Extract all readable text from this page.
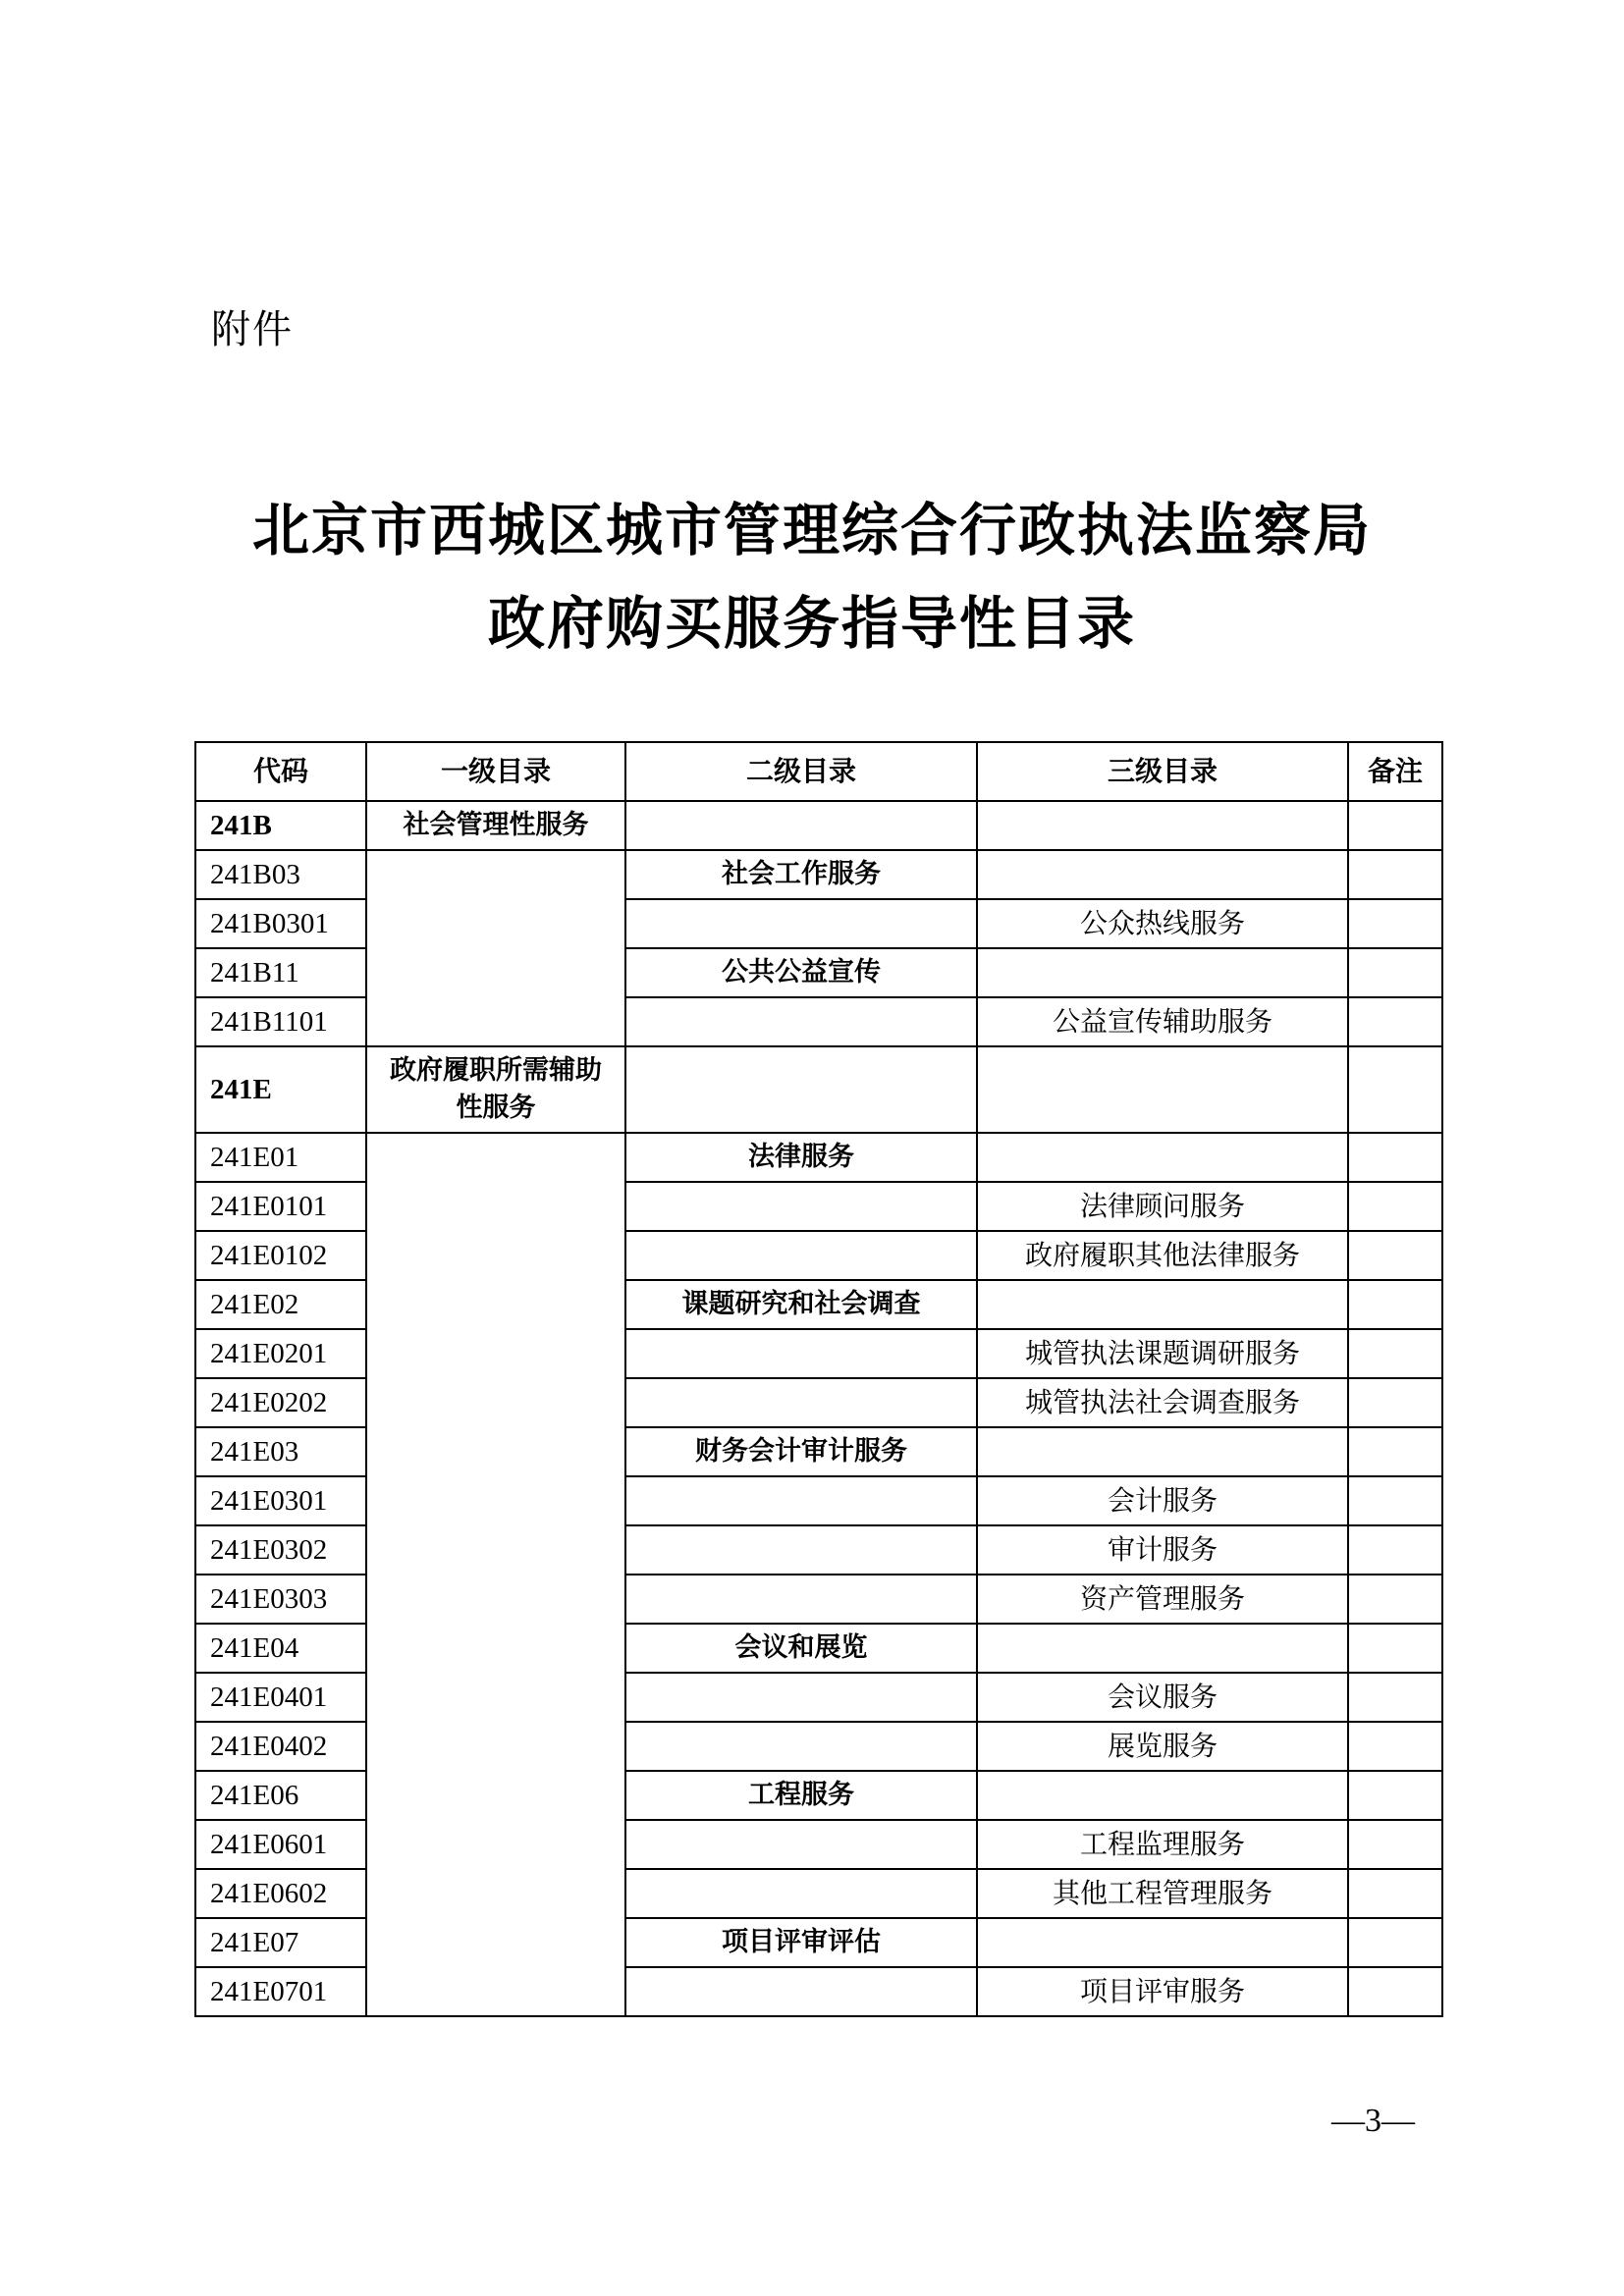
附件
北京市西城区城市管理综合行政执法监察局
政府购买服务指导性目录
代码	一级目录	二级目录	三级目录	备注
241B	社会管理性服务			
241B03		社会工作服务		
241B0301			公众热线服务	
241B11		公共公益宣传		
241B1101			公益宣传辅助服务	
241E	政府履职所需辅助性服务			
241E01		法律服务		
241E0101			法律顾问服务	
241E0102			政府履职其他法律服务	
241E02		课题研究和社会调查		
241E0201			城管执法课题调研服务	
241E0202			城管执法社会调查服务	
241E03		财务会计审计服务		
241E0301			会计服务	
241E0302			审计服务	
241E0303			资产管理服务	
241E04		会议和展览		
241E0401			会议服务	
241E0402			展览服务	
241E06		工程服务		
241E0601			工程监理服务	
241E0602			其他工程管理服务	
241E07		项目评审评估		
241E0701			项目评审服务	
—3—
